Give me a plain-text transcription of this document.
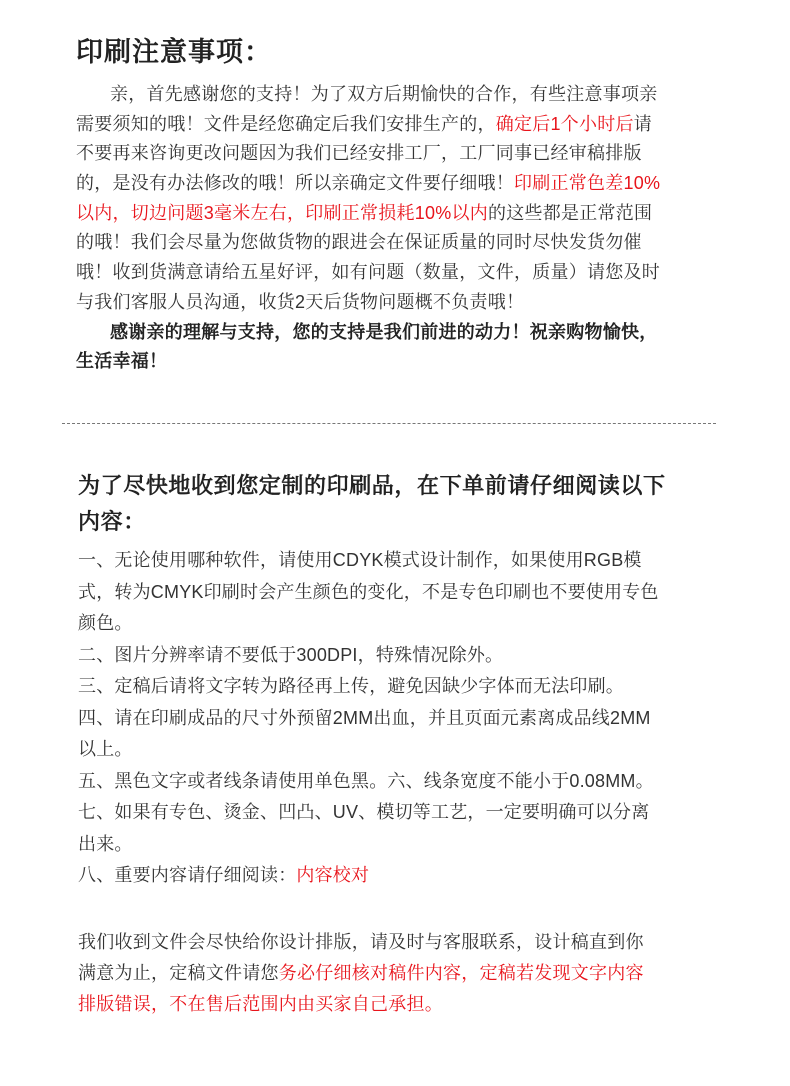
印刷注意事项：
亲，首先感谢您的支持！为了双方后期愉快的合作，有些注意事项亲
需要须知的哦！文件是经您确定后我们安排生产的，确定后1个小时后请
不要再来咨询更改问题因为我们已经安排工厂，工厂同事已经审稿排版
的，是没有办法修改的哦！所以亲确定文件要仔细哦！印刷正常色差10%
以内，切边问题3毫米左右，印刷正常损耗10%以内的这些都是正常范围
的哦！我们会尽量为您做货物的跟进会在保证质量的同时尽快发货勿催
哦！收到货满意请给五星好评，如有问题（数量，文件，质量）请您及时
与我们客服人员沟通，收货2天后货物问题概不负责哦！
感谢亲的理解与支持，您的支持是我们前进的动力！祝亲购物愉快，
生活幸福！
为了尽快地收到您定制的印刷品，在下单前请仔细阅读以下
内容：
一、无论使用哪种软件，请使用CDYK模式设计制作，如果使用RGB模
式，转为CMYK印刷时会产生颜色的变化，不是专色印刷也不要使用专色
颜色。
二、图片分辨率请不要低于300DPI，特殊情况除外。
三、定稿后请将文字转为路径再上传，避免因缺少字体而无法印刷。
四、请在印刷成品的尺寸外预留2MM出血，并且页面元素离成品线2MM
以上。
五、黑色文字或者线条请使用单色黑。六、线条宽度不能小于0.08MM。
七、如果有专色、烫金、凹凸、UV、模切等工艺，一定要明确可以分离
出来。
八、重要内容请仔细阅读：内容校对
我们收到文件会尽快给你设计排版，请及时与客服联系，设计稿直到你
满意为止，定稿文件请您务必仔细核对稿件内容，定稿若发现文字内容
排版错误，不在售后范围内由买家自己承担。
